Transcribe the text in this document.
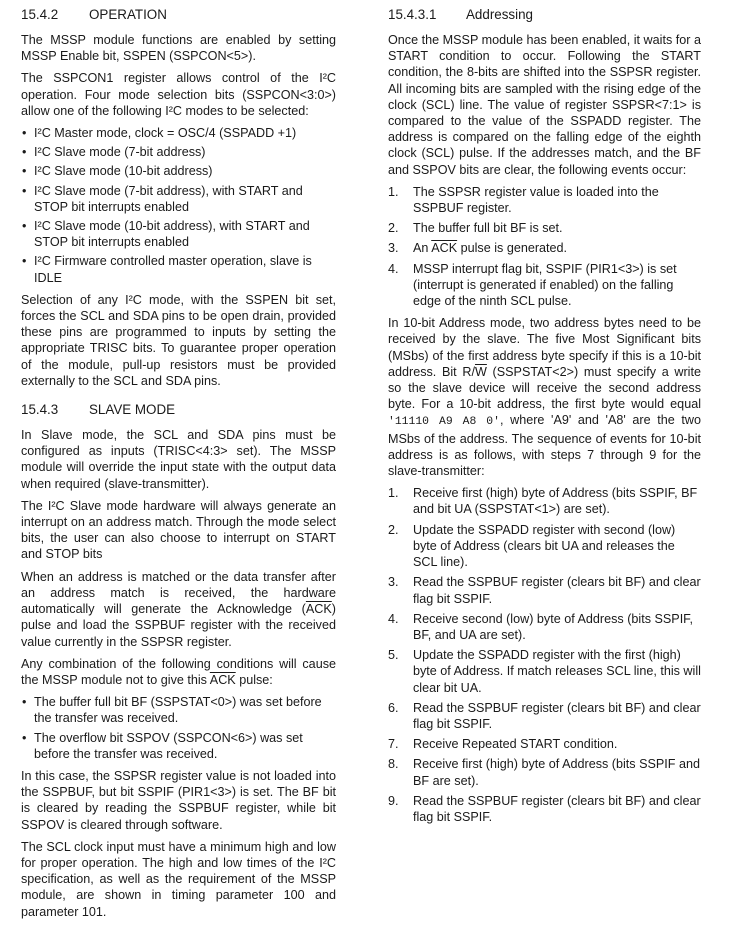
15.4.2 OPERATION

The MSSP module functions are enabled by setting MSSP Enable bit, SSPEN (SSPCON<5>).

The SSPCON1 register allows control of the I²C operation. Four mode selection bits (SSPCON<3:0>) allow one of the following I²C modes to be selected:

• I²C Master mode, clock = OSC/4 (SSPADD +1)
• I²C Slave mode (7-bit address)
• I²C Slave mode (10-bit address)
• I²C Slave mode (7-bit address), with START and STOP bit interrupts enabled
• I²C Slave mode (10-bit address), with START and STOP bit interrupts enabled
• I²C Firmware controlled master operation, slave is IDLE

Selection of any I²C mode, with the SSPEN bit set, forces the SCL and SDA pins to be open drain, provided these pins are programmed to inputs by setting the appropriate TRISC bits. To guarantee proper operation of the module, pull-up resistors must be provided externally to the SCL and SDA pins.

15.4.3 SLAVE MODE

In Slave mode, the SCL and SDA pins must be configured as inputs (TRISC<4:3> set). The MSSP module will override the input state with the output data when required (slave-transmitter).

The I²C Slave mode hardware will always generate an interrupt on an address match. Through the mode select bits, the user can also choose to interrupt on START and STOP bits

When an address is matched or the data transfer after an address match is received, the hardware automatically will generate the Acknowledge $(\overline{ACK})$ pulse and load the SSPBUF register with the received value currently in the SSPSR register.

Any combination of the following conditions will cause the MSSP module not to give this $\overline{ACK}$ pulse:

• The buffer full bit BF (SSPSTAT<0>) was set before the transfer was received.
• The overflow bit SSPOV (SSPCON<6>) was set before the transfer was received.

In this case, the SSPSR register value is not loaded into the SSPBUF, but bit SSPIF (PIR1<3>) is set. The BF bit is cleared by reading the SSPBUF register, while bit SSPOV is cleared through software.

The SCL clock input must have a minimum high and low for proper operation. The high and low times of the I²C specification, as well as the requirement of the MSSP module, are shown in timing parameter 100 and parameter 101.

15.4.3.1 Addressing

Once the MSSP module has been enabled, it waits for a START condition to occur. Following the START condition, the 8-bits are shifted into the SSPSR register. All incoming bits are sampled with the rising edge of the clock (SCL) line. The value of register SSPSR<7:1> is compared to the value of the SSPADD register. The address is compared on the falling edge of the eighth clock (SCL) pulse. If the addresses match, and the BF and SSPOV bits are clear, the following events occur:

1. The SSPSR register value is loaded into the SSPBUF register.
2. The buffer full bit BF is set.
3. An $\overline{ACK}$ pulse is generated.
4. MSSP interrupt flag bit, SSPIF (PIR1<3>) is set (interrupt is generated if enabled) on the falling edge of the ninth SCL pulse.

In 10-bit Address mode, two address bytes need to be received by the slave. The five Most Significant bits (MSbs) of the first address byte specify if this is a 10-bit address. Bit $R/\overline{W}$ (SSPSTAT<2>) must specify a write so the slave device will receive the second address byte. For a 10-bit address, the first byte would equal '11110 A9 A8 0', where 'A9' and 'A8' are the two MSbs of the address. The sequence of events for 10-bit address is as follows, with steps 7 through 9 for the slave-transmitter:

1. Receive first (high) byte of Address (bits SSPIF, BF and bit UA (SSPSTAT<1>) are set).
2. Update the SSPADD register with second (low) byte of Address (clears bit UA and releases the SCL line).
3. Read the SSPBUF register (clears bit BF) and clear flag bit SSPIF.
4. Receive second (low) byte of Address (bits SSPIF, BF, and UA are set).
5. Update the SSPADD register with the first (high) byte of Address. If match releases SCL line, this will clear bit UA.
6. Read the SSPBUF register (clears bit BF) and clear flag bit SSPIF.
7. Receive Repeated START condition.
8. Receive first (high) byte of Address (bits SSPIF and BF are set).
9. Read the SSPBUF register (clears bit BF) and clear flag bit SSPIF.
